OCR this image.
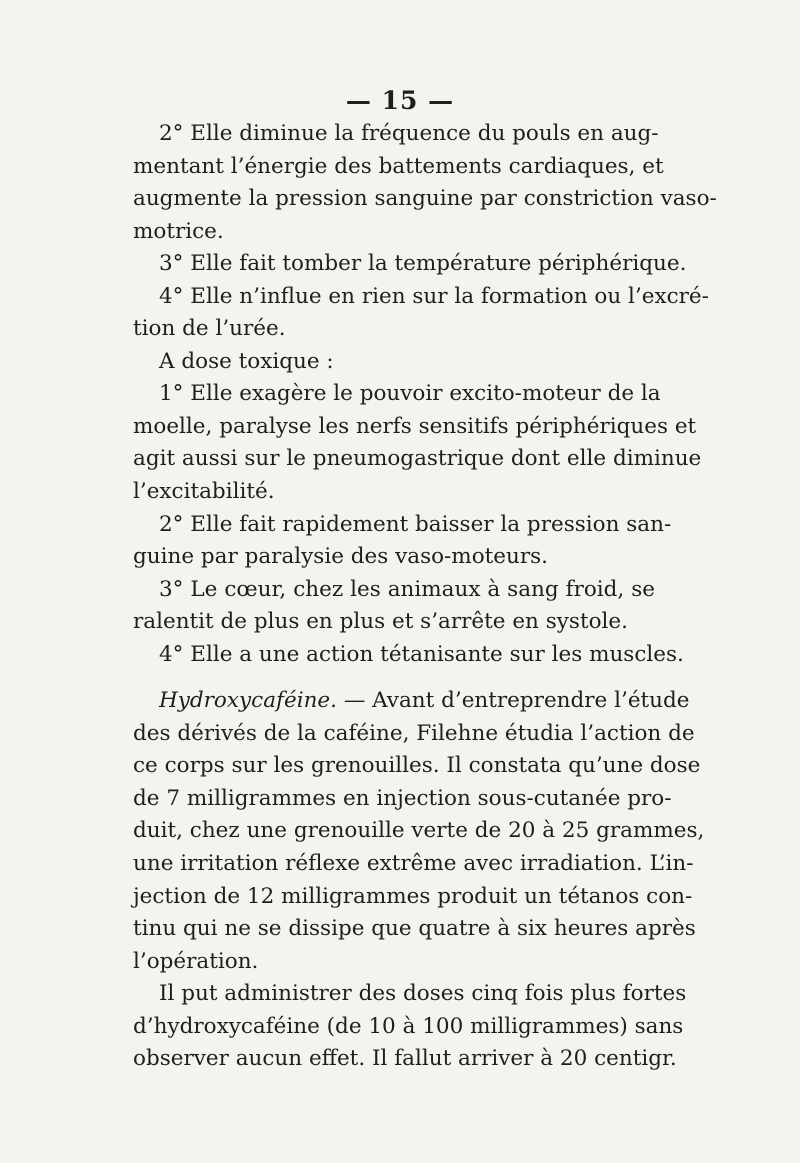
— 15 —
2° Elle diminue la fréquence du pouls en aug-
mentant l’énergie des battements cardiaques, et
augmente la pression sanguine par constriction vaso-
motrice.
3° Elle fait tomber la température périphérique.
4° Elle n’influe en rien sur la formation ou l’excré-
tion de l’urée.
A dose toxique :
1° Elle exagère le pouvoir excito-moteur de la
moelle, paralyse les nerfs sensitifs périphériques et
agit aussi sur le pneumogastrique dont elle diminue
l’excitabilité.
2° Elle fait rapidement baisser la pression san-
guine par paralysie des vaso-moteurs.
3° Le cœur, chez les animaux à sang froid, se
ralentit de plus en plus et s’arrête en systole.
4° Elle a une action tétanisante sur les muscles.
Hydroxycaféine. — Avant d’entreprendre l’étude
des dérivés de la caféine, Filehne étudia l’action de
ce corps sur les grenouilles. Il constata qu’une dose
de 7 milligrammes en injection sous-cutanée pro-
duit, chez une grenouille verte de 20 à 25 grammes,
une irritation réflexe extrême avec irradiation. L’in-
jection de 12 milligrammes produit un tétanos con-
tinu qui ne se dissipe que quatre à six heures après
l’opération.
Il put administrer des doses cinq fois plus fortes
d’hydroxycaféine (de 10 à 100 milligrammes) sans
observer aucun effet. Il fallut arriver à 20 centigr.
